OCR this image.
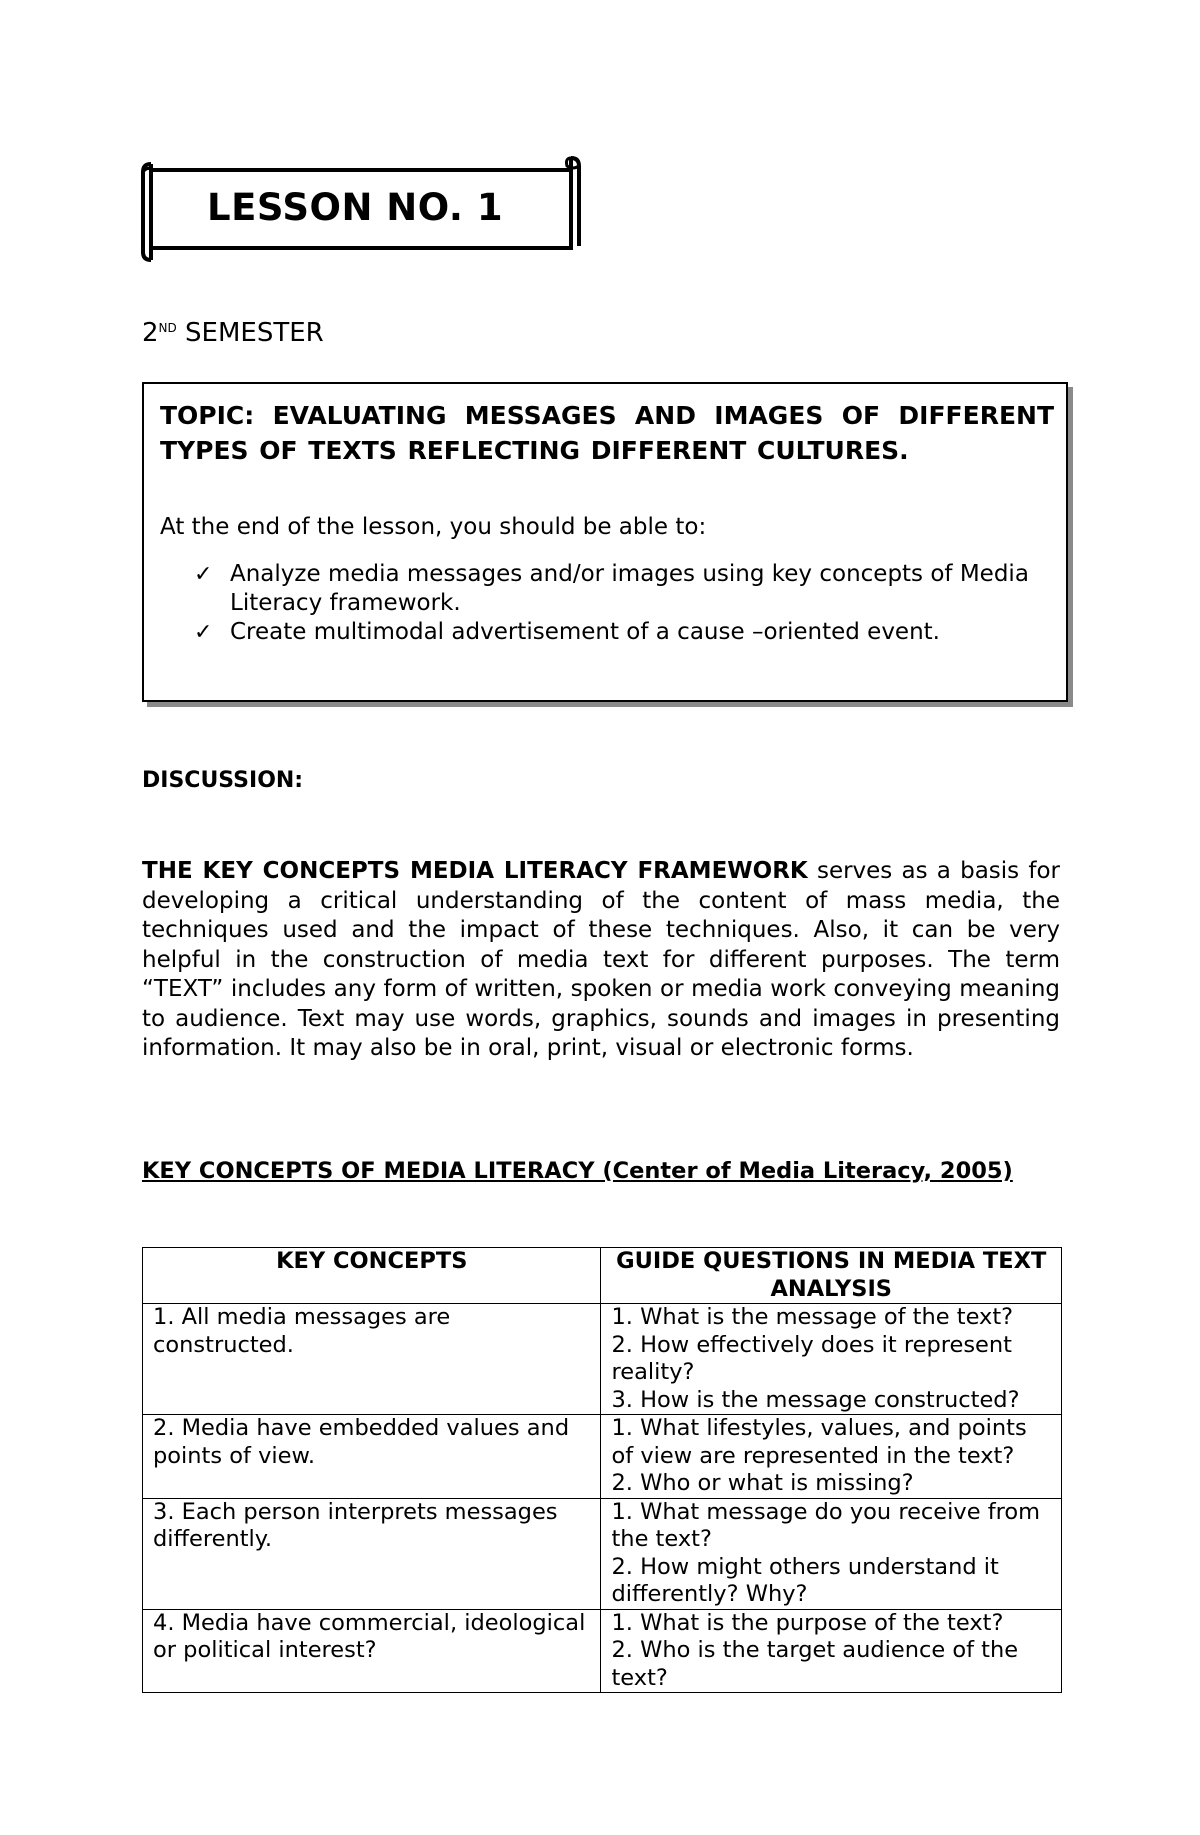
LESSON NO. 1
2ND SEMESTER
TOPIC: EVALUATING MESSAGES AND IMAGES OF DIFFERENT TYPES OF TEXTS REFLECTING DIFFERENT CULTURES.
At the end of the lesson, you should be able to:
✓ Analyze media messages and/or images using key concepts of Media Literacy framework.
✓ Create multimodal advertisement of a cause –oriented event.
DISCUSSION:
THE KEY CONCEPTS MEDIA LITERACY FRAMEWORK serves as a basis for developing a critical understanding of the content of mass media, the techniques used and the impact of these techniques. Also, it can be very helpful in the construction of media text for different purposes. The term “TEXT” includes any form of written, spoken or media work conveying meaning to audience. Text may use words, graphics, sounds and images in presenting information. It may also be in oral, print, visual or electronic forms.
KEY CONCEPTS OF MEDIA LITERACY (Center of Media Literacy, 2005)
KEY CONCEPTS	GUIDE QUESTIONS IN MEDIA TEXT ANALYSIS
1. All media messages are constructed.	1. What is the message of the text?
2. How effectively does it represent reality?
3. How is the message constructed?

2. Media have embedded values and points of view.	1. What lifestyles, values, and points of view are represented in the text?
2. Who or what is missing?

3. Each person interprets messages differently.	1. What message do you receive from the text?
2. How might others understand it differently? Why?

4. Media have commercial, ideological or political interest?	1. What is the purpose of the text?
2. Who is the target audience of the text?
